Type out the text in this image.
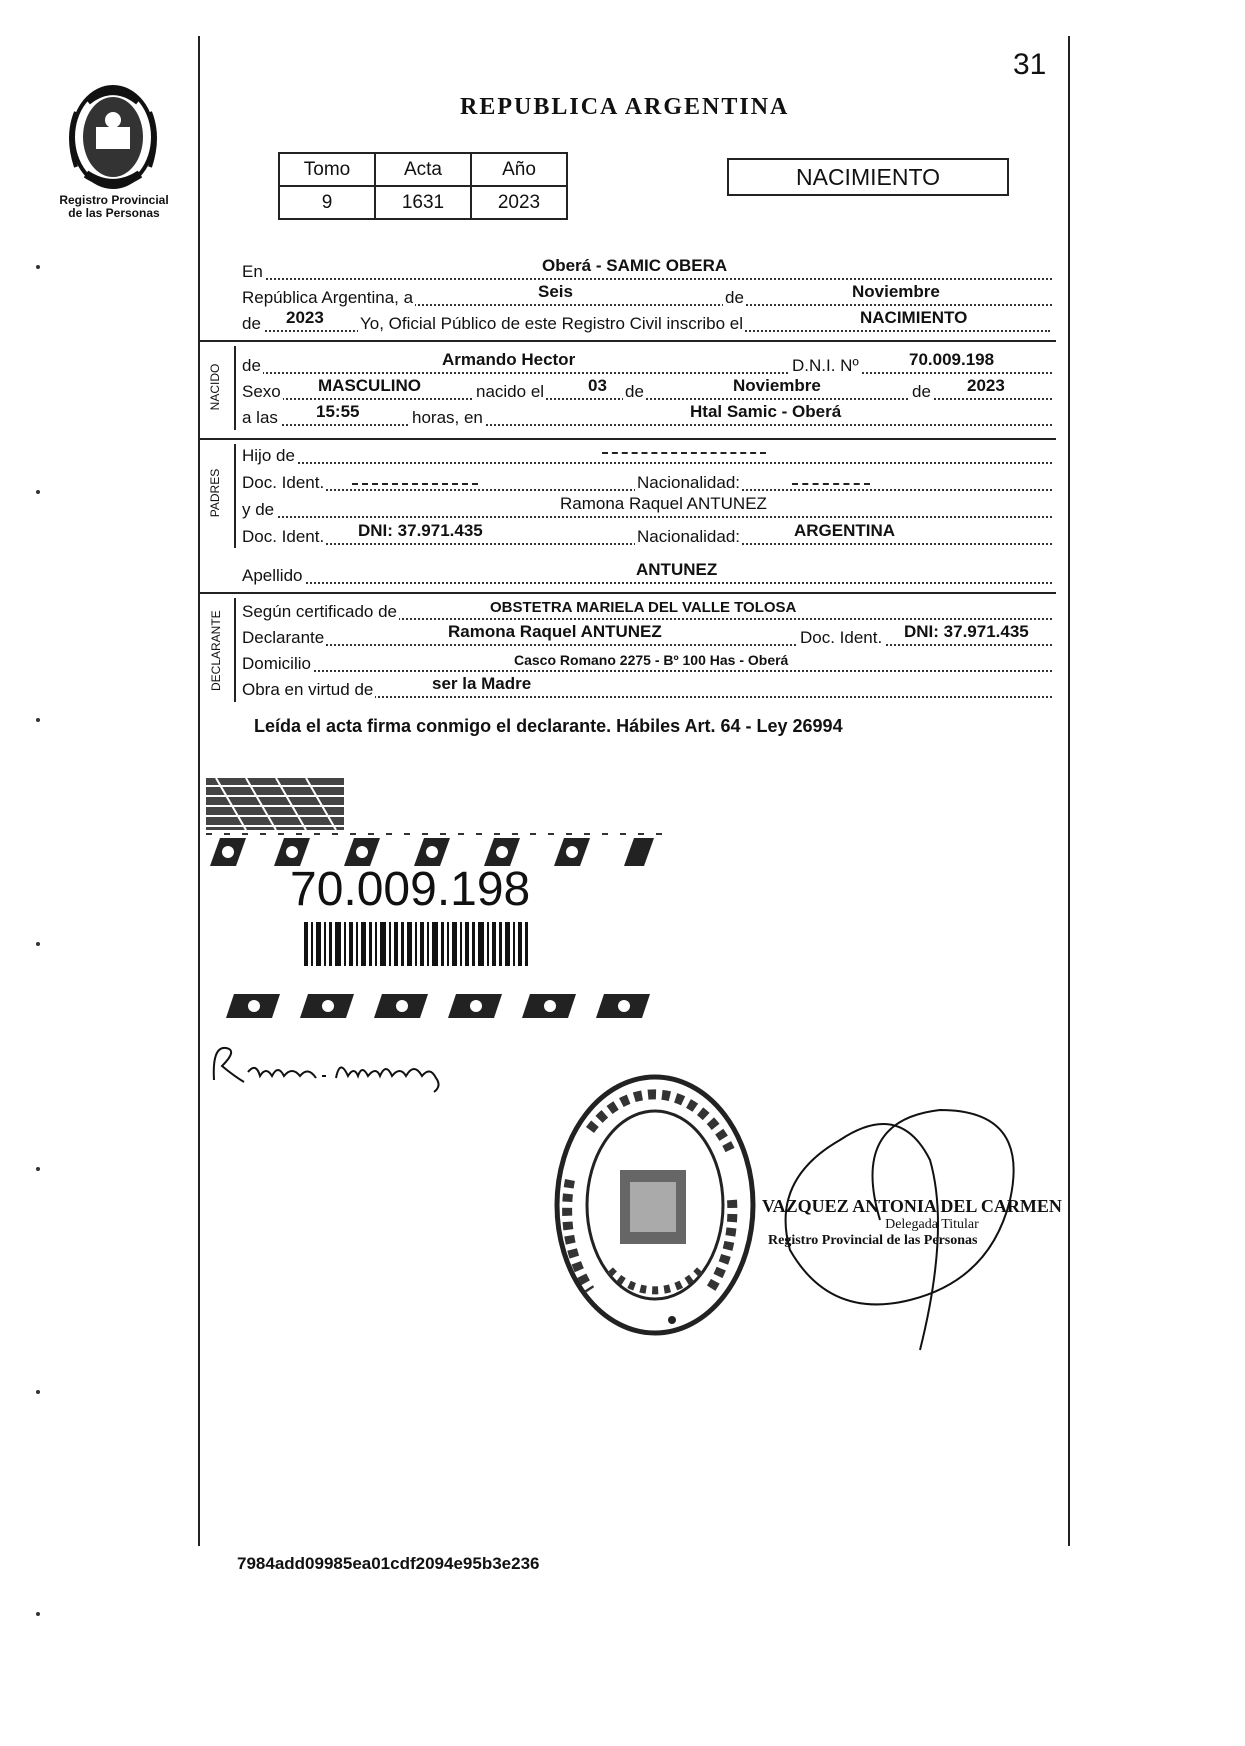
31
Registro Provincial
de las Personas
REPUBLICA ARGENTINA
Tomo	Acta	Año
9	1631	2023
NACIMIENTO
En	Oberá - SAMIC OBERA
República Argentina, a	Seis	de	Noviembre
de 2023 Yo, Oficial Público de este Registro Civil inscribo el	NACIMIENTO
NACIDO de	Armando Hector	D.N.I. Nº	70.009.198
Sexo MASCULINO	nacido el	03 de	Noviembre	de 2023
a las 15:55	horas, en	Htal Samic - Oberá
PADRES
Hijo de
Doc. Ident.	Nacionalidad:
y de	Ramona Raquel ANTUNEZ
Doc. Ident. DNI: 37.971.435	Nacionalidad:	ARGENTINA
Apellido	ANTUNEZ
DECLARANTE Según certificado de	OBSTETRA MARIELA DEL VALLE TOLOSA
Declarante	Ramona Raquel ANTUNEZ	Doc. Ident. DNI: 37.971.435
Domicilio	Casco Romano 2275 - Bº 100 Has - Oberá
Obra en virtud de	ser la Madre
Leída el acta firma conmigo el declarante. Hábiles Art. 64 - Ley 26994
70.009.198
VAZQUEZ ANTONIA DEL CARMEN
Delegada Titular
Registro Provincial de las Personas
7984add09985ea01cdf2094e95b3e236
